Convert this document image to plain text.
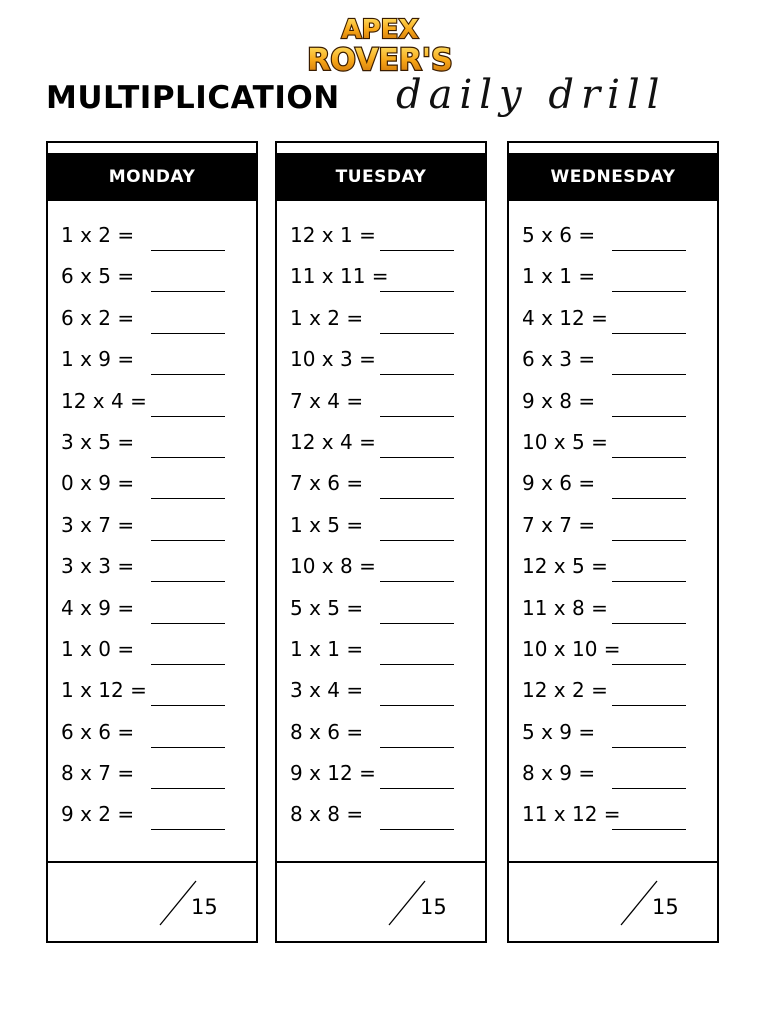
APEX
ROVER'S
MULTIPLICATION daily drill
MONDAY
1 x 2 =
6 x 5 =
6 x 2 =
1 x 9 =
12 x 4 =
3 x 5 =
0 x 9 =
3 x 7 =
3 x 3 =
4 x 9 =
1 x 0 =
1 x 12 =
6 x 6 =
8 x 7 =
9 x 2 =
15
TUESDAY
12 x 1 =
11 x 11 =
1 x 2 =
10 x 3 =
7 x 4 =
12 x 4 =
7 x 6 =
1 x 5 =
10 x 8 =
5 x 5 =
1 x 1 =
3 x 4 =
8 x 6 =
9 x 12 =
8 x 8 =
15
WEDNESDAY
5 x 6 =
1 x 1 =
4 x 12 =
6 x 3 =
9 x 8 =
10 x 5 =
9 x 6 =
7 x 7 =
12 x 5 =
11 x 8 =
10 x 10 =
12 x 2 =
5 x 9 =
8 x 9 =
11 x 12 =
15
